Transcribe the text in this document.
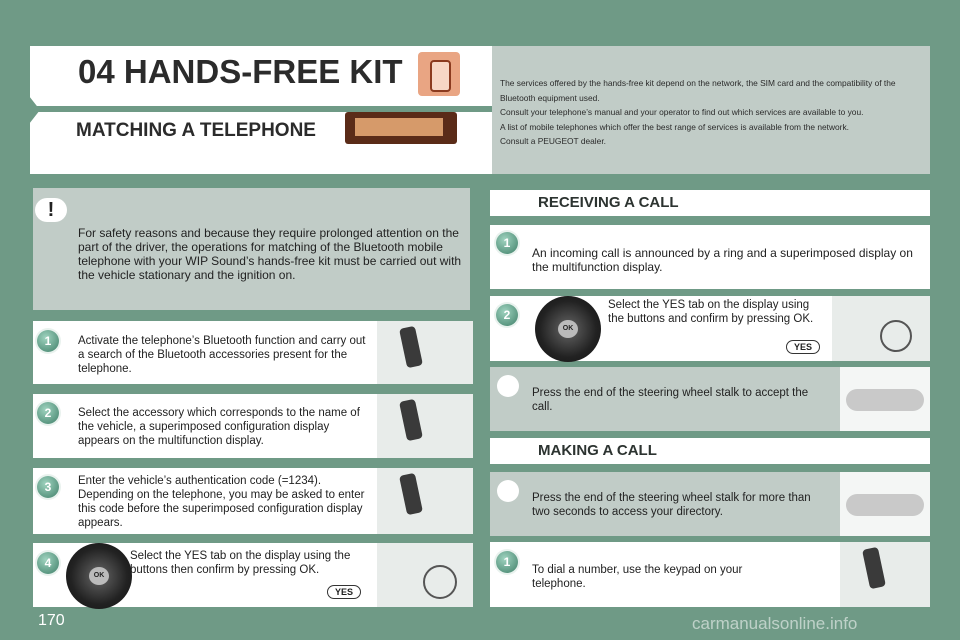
04 HANDS-FREE KIT
MATCHING A TELEPHONE
The services offered by the hands-free kit depend on the network, the SIM card and the compatibility of the Bluetooth equipment used.
Consult your telephone’s manual and your operator to find out which services are available to you.
A list of mobile telephones which offer the best range of services is available from the network.
Consult a PEUGEOT dealer.
!
For safety reasons and because they require prolonged attention on the part of the driver, the operations for matching of the Bluetooth mobile telephone with your WIP Sound’s hands-free kit must be carried out with the vehicle stationary and the ignition on.
1	Activate the telephone’s Bluetooth function and carry out a search of the Bluetooth accessories present for the telephone.
2	Select the accessory which corresponds to the name of the vehicle, a superimposed configuration display appears on the multifunction display.
3	Enter the vehicle’s authentication code (=1234). Depending on the telephone, you may be asked to enter this code before the superimposed configuration display appears.
4
OK
Select the YES tab on the display using the buttons then confirm by pressing OK.
YES
RECEIVING A CALL
1
An incoming call is announced by a ring and a superimposed display on the multifunction display.
2
OK
Select the YES tab on the display using the buttons and confirm by pressing OK.
YES
Press the end of the steering wheel stalk to accept the call.
MAKING A CALL
Press the end of the steering wheel stalk for more than two seconds to access your directory.
1
To dial a number, use the keypad on your telephone.
170	carmanualsonline.info
